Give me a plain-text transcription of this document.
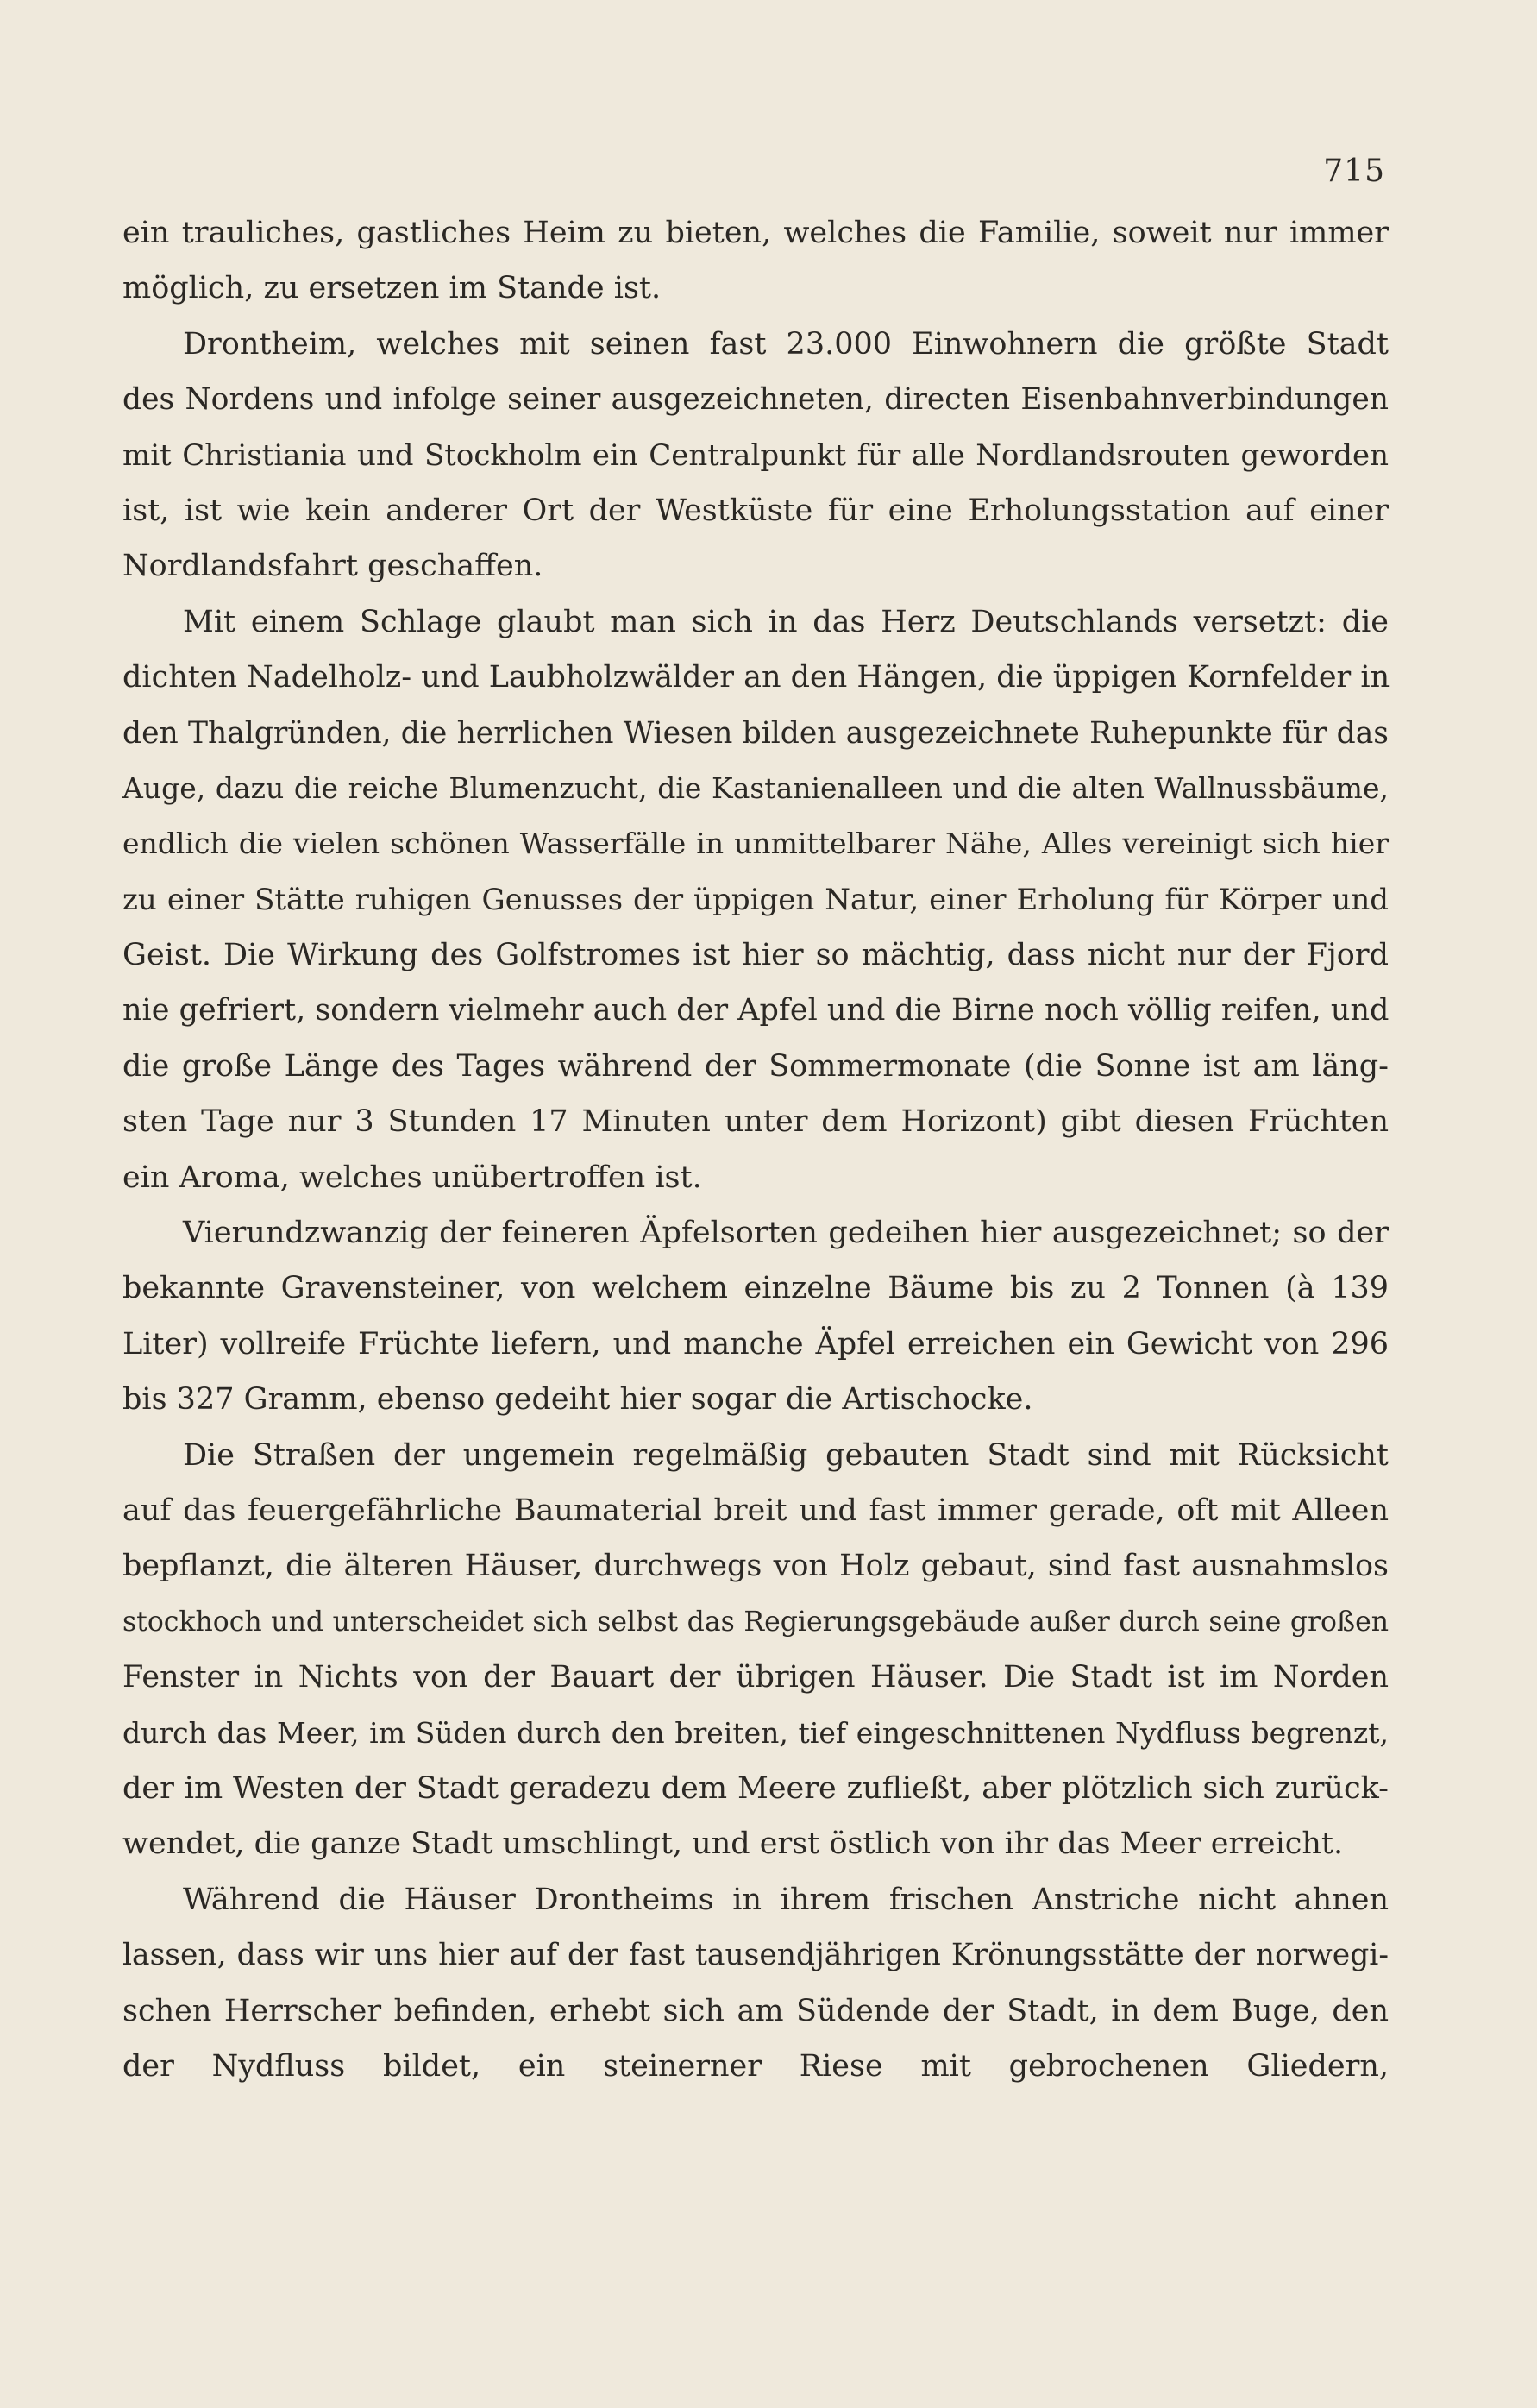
715
ein trauliches, gastliches Heim zu bieten, welches die Familie, soweit nur immer
möglich, zu ersetzen im Stande ist.
Drontheim, welches mit seinen fast 23.000 Einwohnern die größte Stadt
des Nordens und infolge seiner ausgezeichneten, directen Eisenbahnverbindungen
mit Christiania und Stockholm ein Centralpunkt für alle Nordlandsrouten geworden
ist, ist wie kein anderer Ort der Westküste für eine Erholungsstation auf einer
Nordlandsfahrt geschaffen.
Mit einem Schlage glaubt man sich in das Herz Deutschlands versetzt: die
dichten Nadelholz- und Laubholzwälder an den Hängen, die üppigen Kornfelder in
den Thalgründen, die herrlichen Wiesen bilden ausgezeichnete Ruhepunkte für das
Auge, dazu die reiche Blumenzucht, die Kastanienalleen und die alten Wallnussbäume,
endlich die vielen schönen Wasserfälle in unmittelbarer Nähe, Alles vereinigt sich hier
zu einer Stätte ruhigen Genusses der üppigen Natur, einer Erholung für Körper und
Geist. Die Wirkung des Golfstromes ist hier so mächtig, dass nicht nur der Fjord
nie gefriert, sondern vielmehr auch der Apfel und die Birne noch völlig reifen, und
die große Länge des Tages während der Sommermonate (die Sonne ist am läng-
sten Tage nur 3 Stunden 17 Minuten unter dem Horizont) gibt diesen Früchten
ein Aroma, welches unübertroffen ist.
Vierundzwanzig der feineren Äpfelsorten gedeihen hier ausgezeichnet; so der
bekannte Gravensteiner, von welchem einzelne Bäume bis zu 2 Tonnen (à 139
Liter) vollreife Früchte liefern, und manche Äpfel erreichen ein Gewicht von 296
bis 327 Gramm, ebenso gedeiht hier sogar die Artischocke.
Die Straßen der ungemein regelmäßig gebauten Stadt sind mit Rücksicht
auf das feuergefährliche Baumaterial breit und fast immer gerade, oft mit Alleen
bepflanzt, die älteren Häuser, durchwegs von Holz gebaut, sind fast ausnahmslos
stockhoch und unterscheidet sich selbst das Regierungsgebäude außer durch seine großen
Fenster in Nichts von der Bauart der übrigen Häuser. Die Stadt ist im Norden
durch das Meer, im Süden durch den breiten, tief eingeschnittenen Nydfluss begrenzt,
der im Westen der Stadt geradezu dem Meere zufließt, aber plötzlich sich zurück-
wendet, die ganze Stadt umschlingt, und erst östlich von ihr das Meer erreicht.
Während die Häuser Drontheims in ihrem frischen Anstriche nicht ahnen
lassen, dass wir uns hier auf der fast tausendjährigen Krönungsstätte der norwegi-
schen Herrscher befinden, erhebt sich am Südende der Stadt, in dem Buge, den
der Nydfluss bildet, ein steinerner Riese mit gebrochenen Gliedern,
